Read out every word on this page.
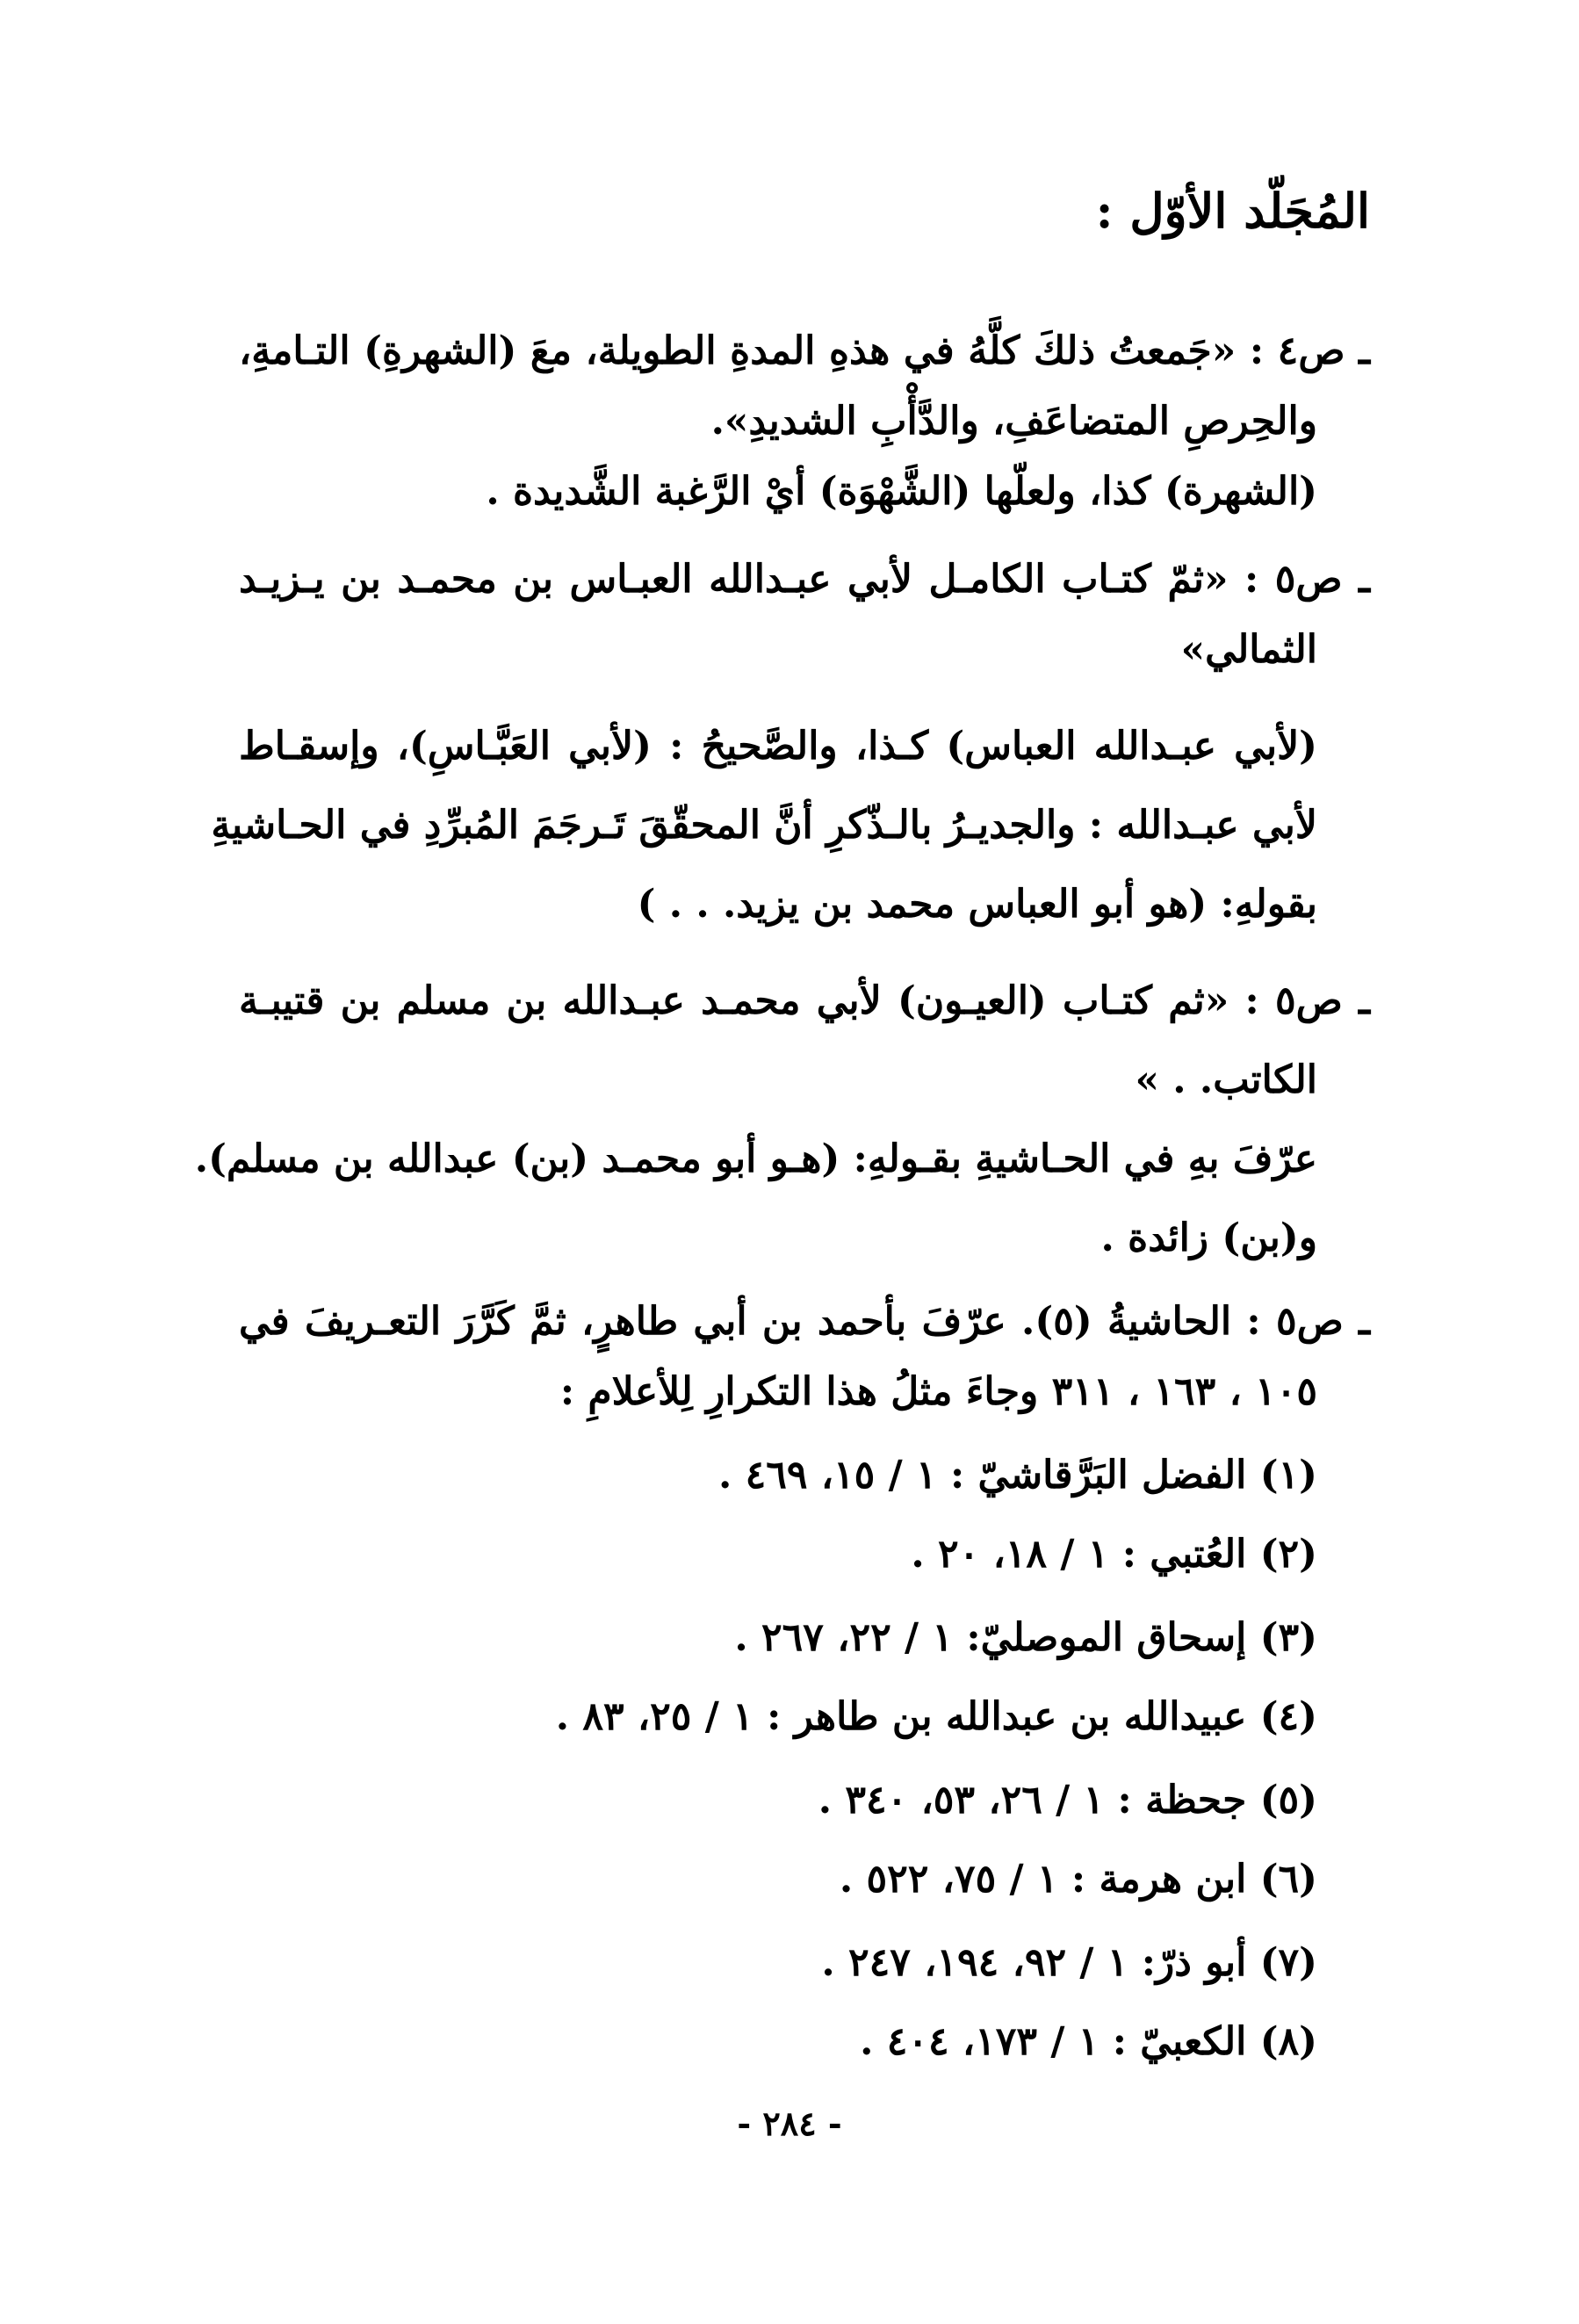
المُجَلّد الأوّل :
ـ ص٤ : «جَمعتُ ذلكَ كلَّهُ في هذهِ المدةِ الطويلة، معَ (الشهرةِ) التـامةِ،
والحِرصِ المتضاعَفِ، والدَّأْبِ الشديدِ».
(الشهرة) كذا، ولعلّها (الشَّهْوَة) أيْ الرَّغبة الشَّديدة .
ـ ص٥ : «ثمّ كتـاب الكامـل لأبي عبـدالله العبـاس بن محمـد بن يـزيـد
الثمالي»
(لأبي عبـدالله العباس) كـذا، والصَّحيحُ : (لأبي العَبَّـاسِ)، وإسقـاط
لأبي عبـدالله : والجديـرُ بالـذّكرِ أنَّ المحقّقَ تَـرجَمَ المُبرِّدِ في الحـاشيةِ
بقولهِ: (هو أبو العباس محمد بن يزيد. . . )
ـ ص٥ : «ثم كتـاب (العيـون) لأبي محمـد عبـدالله بن مسلم بن قتيبـة
الكاتب. . »
عرّفَ بهِ في الحـاشيةِ بقـولهِ: (هـو أبو محمـد (بن) عبدالله بن مسلم).
و(بن) زائدة .
ـ ص٥ : الحاشيةُ (٥). عرّفَ بأحمد بن أبي طاهرٍ، ثمَّ كَرَّرَ التعـريفَ في
١٠٥ ، ١٦٣ ، ٣١١ وجاءَ مثلُ هذا التكرارِ لِلأعلامِ :
(١) الفضل البَرَّقاشيّ : ١ / ١٥، ٤٦٩ .
(٢) العُتبي : ١ / ١٨، ٢٠ .
(٣) إسحاق الموصليّ: ١ / ٢٢، ٢٦٧ .
(٤) عبيدالله بن عبدالله بن طاهر : ١ / ٢٥، ٨٣ .
(٥) جحظة : ١ / ٢٦، ٥٣، ٣٤٠ .
(٦) ابن هرمة : ١ / ٧٥، ٥٢٢ .
(٧) أبو ذرّ: ١ / ٩٢، ١٩٤، ٢٤٧ .
(٨) الكعبيّ : ١ / ١٧٣، ٤٠٤ .
- ٢٨٤ -
